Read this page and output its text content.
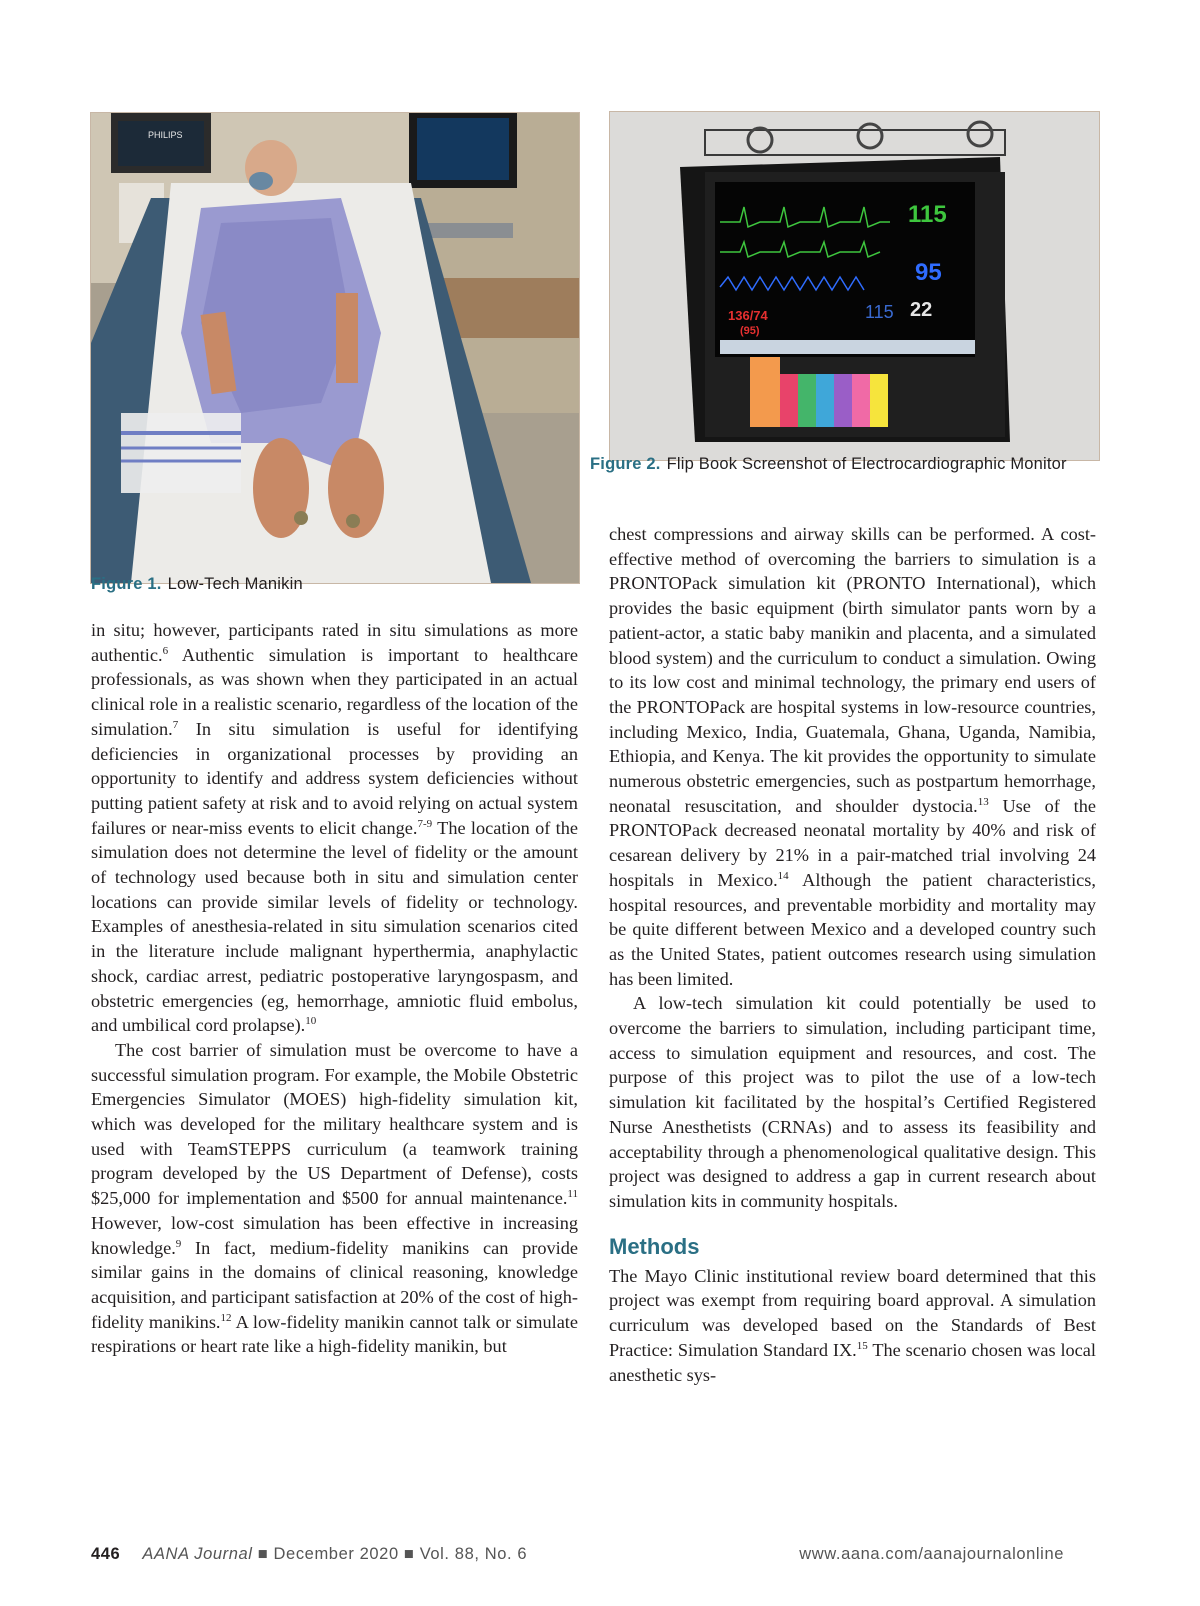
PHILIPS
Figure 1. Low-Tech Manikin
115
95
136/74
(95)
115 22
Figure 2. Flip Book Screenshot of Electrocardiographic Monitor

in situ; however, participants rated in situ simulations as more authentic.$^6$ Authentic simulation is important to healthcare professionals, as was shown when they participated in an actual clinical role in a realistic scenario, regardless of the location of the simulation.$^7$ In situ simulation is useful for identifying deficiencies in organizational processes by providing an opportunity to identify and address system deficiencies without putting patient safety at risk and to avoid relying on actual system failures or near-miss events to elicit change.$^{7-9}$ The location of the simulation does not determine the level of fidelity or the amount of technology used because both in situ and simulation center locations can provide similar levels of fidelity or technology. Examples of anesthesia-related in situ simulation scenarios cited in the literature include malignant hyperthermia, anaphylactic shock, cardiac arrest, pediatric postoperative laryngospasm, and obstetric emergencies (eg, hemorrhage, amniotic fluid embolus, and umbilical cord prolapse).$^{10}$

The cost barrier of simulation must be overcome to have a successful simulation program. For example, the Mobile Obstetric Emergencies Simulator (MOES) high-fidelity simulation kit, which was developed for the military healthcare system and is used with TeamSTEPPS curriculum (a teamwork training program developed by the US Department of Defense), costs $25,000 for implementation and $500 for annual maintenance.$^{11}$ However, low-cost simulation has been effective in increasing knowledge.$^9$ In fact, medium-fidelity manikins can provide similar gains in the domains of clinical reasoning, knowledge acquisition, and participant satisfaction at 20% of the cost of high-fidelity manikins.$^{12}$ A low-fidelity manikin cannot talk or simulate respirations or heart rate like a high-fidelity manikin, but

chest compressions and airway skills can be performed. A cost-effective method of overcoming the barriers to simulation is a PRONTOPack simulation kit (PRONTO International), which provides the basic equipment (birth simulator pants worn by a patient-actor, a static baby manikin and placenta, and a simulated blood system) and the curriculum to conduct a simulation. Owing to its low cost and minimal technology, the primary end users of the PRONTOPack are hospital systems in low-resource countries, including Mexico, India, Guatemala, Ghana, Uganda, Namibia, Ethiopia, and Kenya. The kit provides the opportunity to simulate numerous obstetric emergencies, such as postpartum hemorrhage, neonatal resuscitation, and shoulder dystocia.$^{13}$ Use of the PRONTOPack decreased neonatal mortality by 40% and risk of cesarean delivery by 21% in a pair-matched trial involving 24 hospitals in Mexico.$^{14}$ Although the patient characteristics, hospital resources, and preventable morbidity and mortality may be quite different between Mexico and a developed country such as the United States, patient outcomes research using simulation has been limited.

A low-tech simulation kit could potentially be used to overcome the barriers to simulation, including participant time, access to simulation equipment and resources, and cost. The purpose of this project was to pilot the use of a low-tech simulation kit facilitated by the hospital’s Certified Registered Nurse Anesthetists (CRNAs) and to assess its feasibility and acceptability through a phenomenological qualitative design. This project was designed to address a gap in current research about simulation kits in community hospitals.

Methods

The Mayo Clinic institutional review board determined that this project was exempt from requiring board approval. A simulation curriculum was developed based on the Standards of Best Practice: Simulation Standard IX.$^{15}$ The scenario chosen was local anesthetic sys-

446 AANA Journal ■ December 2020 ■ Vol. 88, No. 6	www.aana.com/aanajournalonline
